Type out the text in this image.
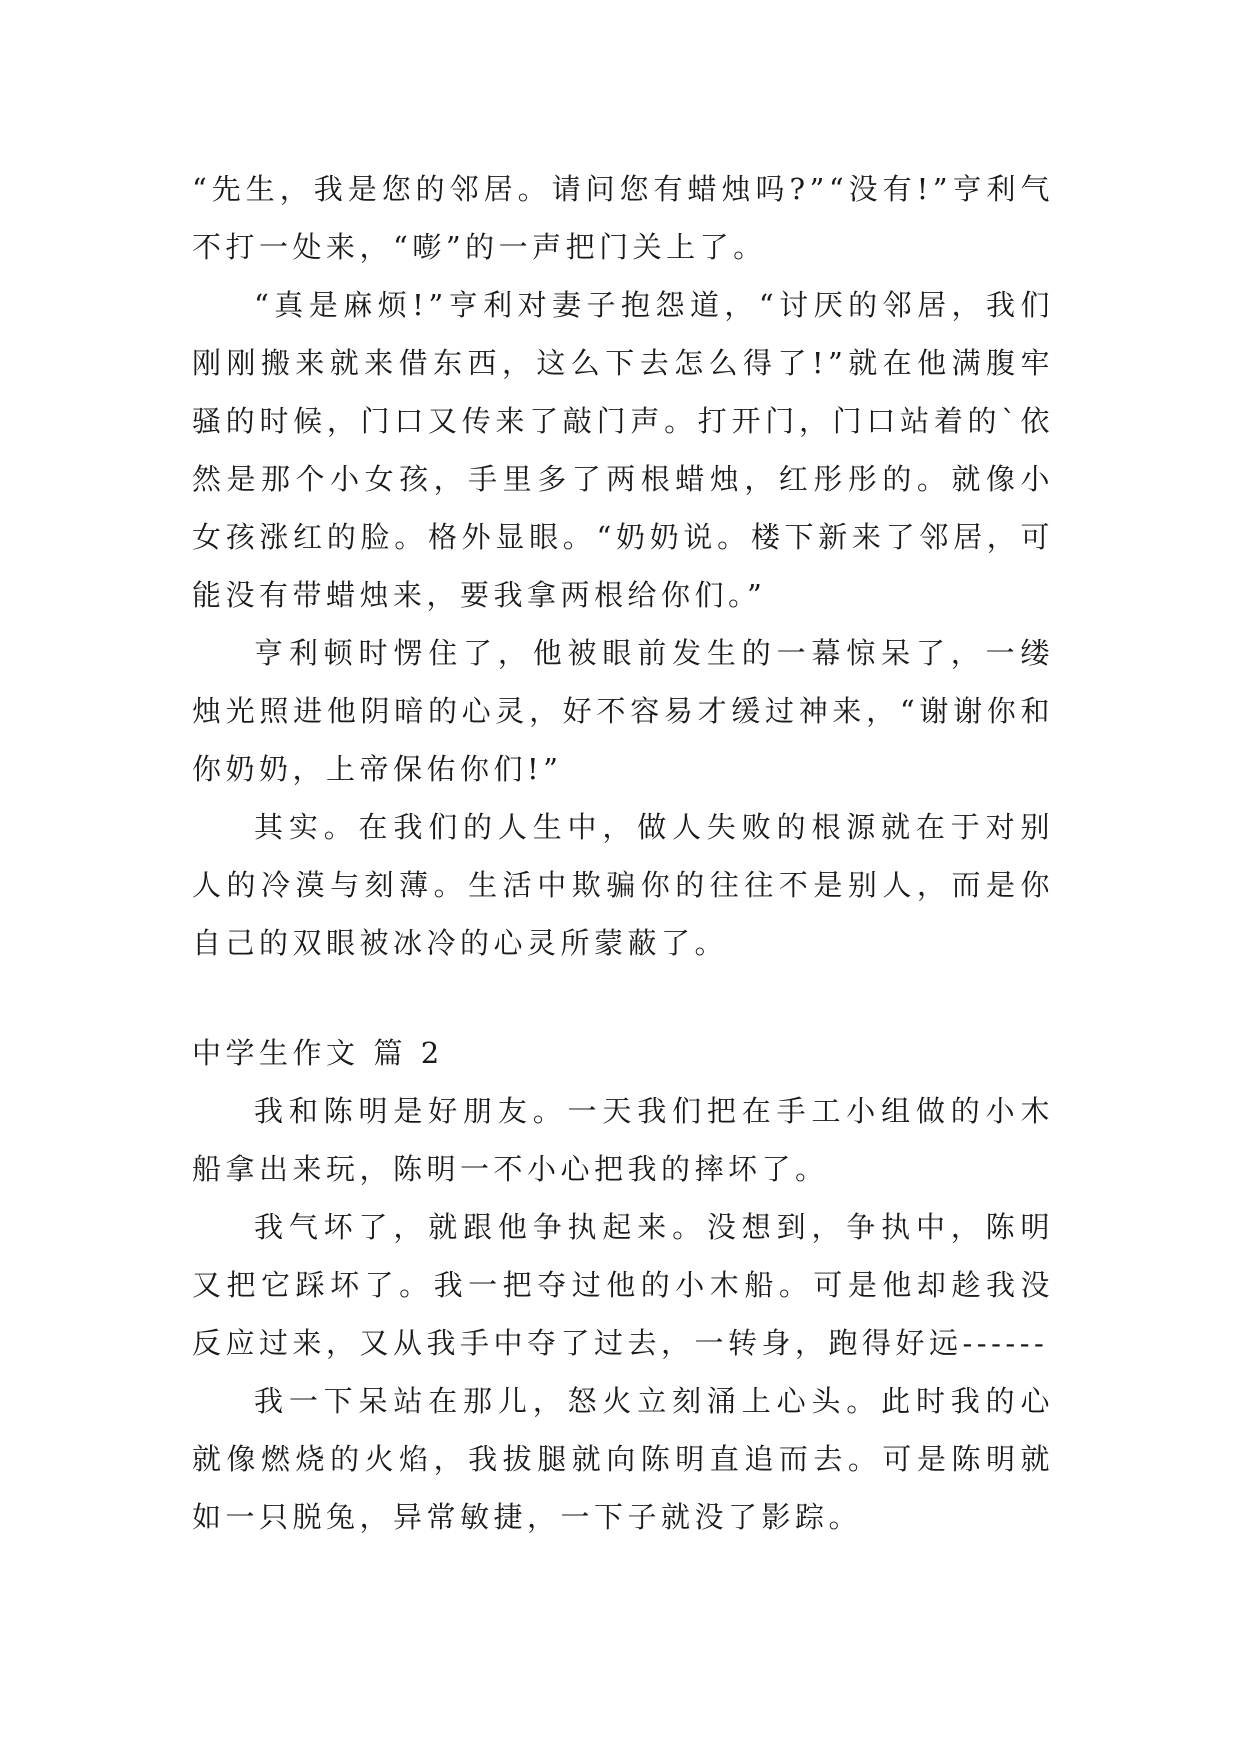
“先生，我是您的邻居。请问您有蜡烛吗?”“没有!”亨利气不打一处来，“嘭”的一声把门关上了。

“真是麻烦!”亨利对妻子抱怨道，“讨厌的邻居，我们刚刚搬来就来借东西，这么下去怎么得了!”就在他满腹牢骚的时候，门口又传来了敲门声。打开门，门口站着的`依然是那个小女孩，手里多了两根蜡烛，红彤彤的。就像小女孩涨红的脸。格外显眼。“奶奶说。楼下新来了邻居，可能没有带蜡烛来，要我拿两根给你们。”

亨利顿时愣住了，他被眼前发生的一幕惊呆了，一缕烛光照进他阴暗的心灵，好不容易才缓过神来，“谢谢你和你奶奶，上帝保佑你们!”

其实。在我们的人生中，做人失败的根源就在于对别人的冷漠与刻薄。生活中欺骗你的往往不是别人，而是你自己的双眼被冰冷的心灵所蒙蔽了。

中学生作文 篇 2

我和陈明是好朋友。一天我们把在手工小组做的小木船拿出来玩，陈明一不小心把我的摔坏了。

我气坏了，就跟他争执起来。没想到，争执中，陈明又把它踩坏了。我一把夺过他的小木船。可是他却趁我没反应过来，又从我手中夺了过去，一转身，跑得好远------

我一下呆站在那儿，怒火立刻涌上心头。此时我的心就像燃烧的火焰，我拔腿就向陈明直追而去。可是陈明就如一只脱兔，异常敏捷，一下子就没了影踪。
